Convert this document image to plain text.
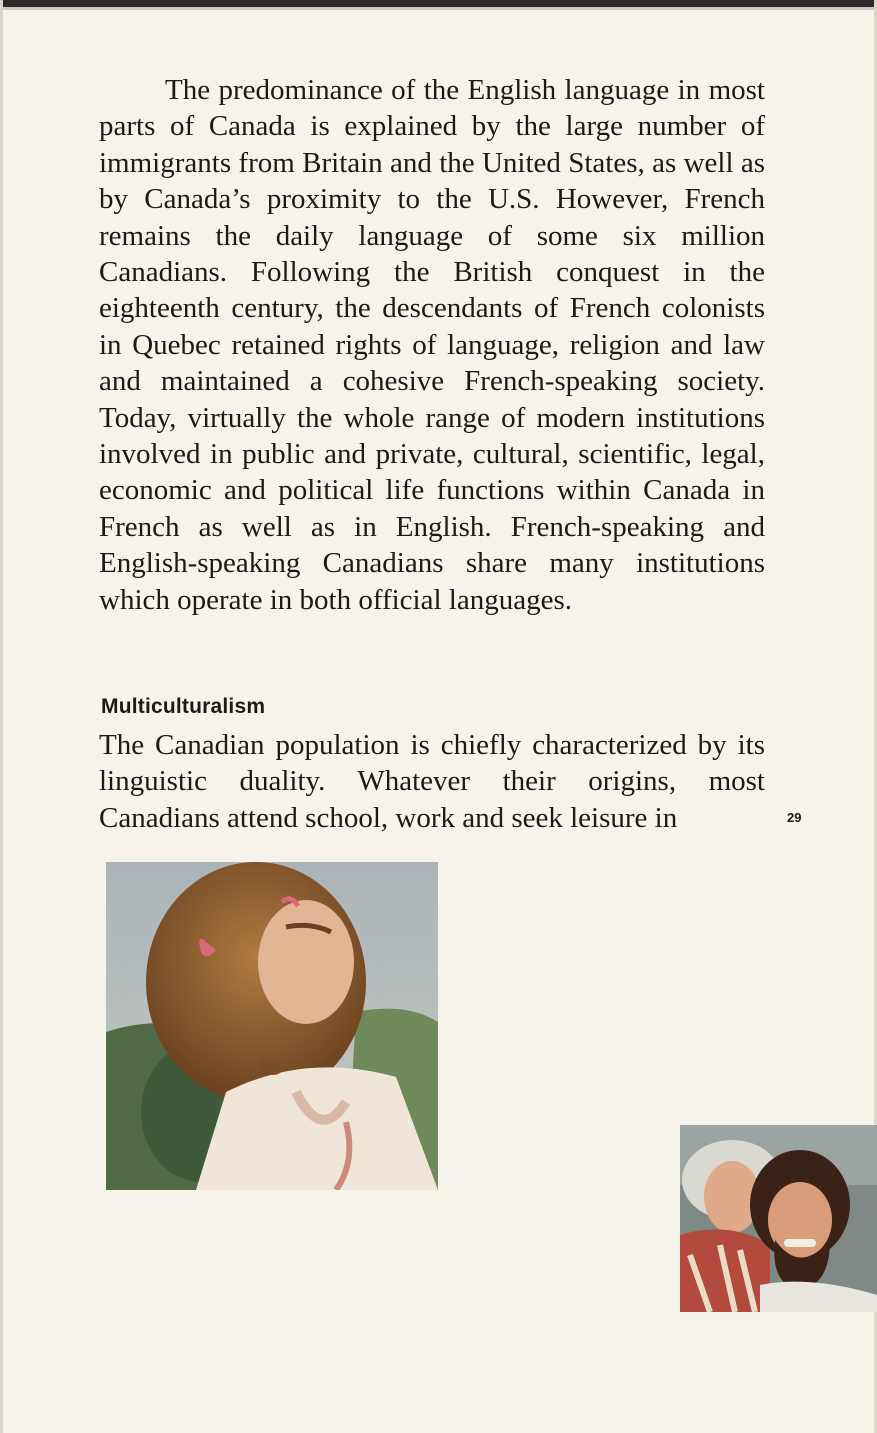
The predominance of the English language in most parts of Canada is explained by the large number of immigrants from Britain and the United States, as well as by Canada’s proximity to the U.S. However, French remains the daily language of some six million Canadians. Following the British conquest in the eighteenth century, the descendants of French colonists in Quebec retained rights of language, religion and law and maintained a cohesive French-speaking society. Today, virtually the whole range of modern institutions involved in public and private, cultural, scientific, legal, economic and political life functions within Canada in French as well as in English. French-speaking and English-speaking Canadians share many institutions which operate in both official languages.

Multiculturalism

The Canadian population is chiefly characterized by its linguistic duality. Whatever their origins, most Canadians attend school, work and seek leisure in	29
